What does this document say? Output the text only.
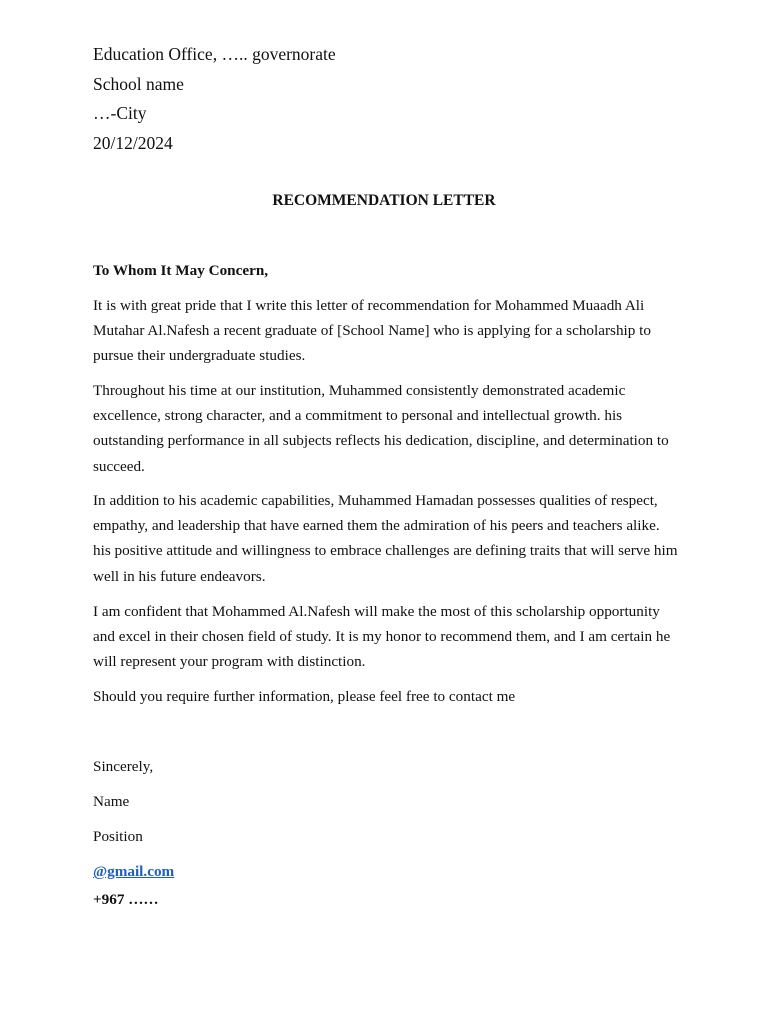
Education Office, ….. governorate
School name
…-City
20/12/2024
RECOMMENDATION LETTER
To Whom It May Concern,
It is with great pride that I write this letter of recommendation for Mohammed Muaadh Ali Mutahar Al.Nafesh a recent graduate of [School Name] who is applying for a scholarship to pursue their undergraduate studies.
Throughout his time at our institution, Muhammed consistently demonstrated academic excellence, strong character, and a commitment to personal and intellectual growth. his outstanding performance in all subjects reflects his dedication, discipline, and determination to succeed.
In addition to his academic capabilities, Muhammed Hamadan possesses qualities of respect, empathy, and leadership that have earned them the admiration of his peers and teachers alike. his positive attitude and willingness to embrace challenges are defining traits that will serve him well in his future endeavors.
I am confident that Mohammed Al.Nafesh will make the most of this scholarship opportunity and excel in their chosen field of study. It is my honor to recommend them, and I am certain he will represent your program with distinction.
Should you require further information, please feel free to contact me
Sincerely,
Name
Position
@gmail.com
+967 ……
